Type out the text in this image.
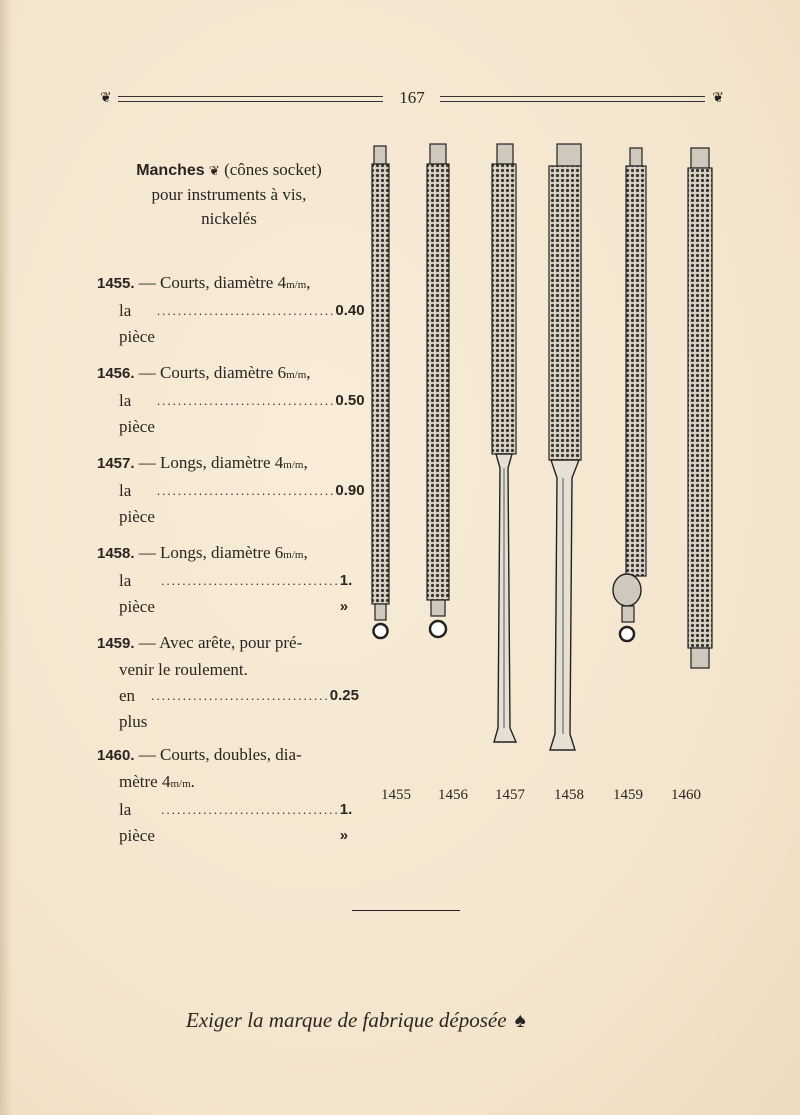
❦	167	❦
Manches ❦ (cônes socket)
pour instruments à vis,
nickelés
1455. — Courts, diamètre 4m/m,
la pièce
.................................. 0.40
1456. — Courts, diamètre 6m/m,
la pièce
.................................. 0.50
1457. — Longs, diamètre 4m/m,
la pièce
.................................. 0.90
1458. — Longs, diamètre 6m/m,
la pièce
.................................. 1. »
1459. — Avec arête, pour pré-
venir le roulement.
en plus
.................................. 0.25
1460. — Courts, doubles, dia-
mètre 4m/m.
la pièce
.................................. 1. »
1455	1456	1457	1458	1459	1460
Exiger la marque de fabrique déposée ♠
